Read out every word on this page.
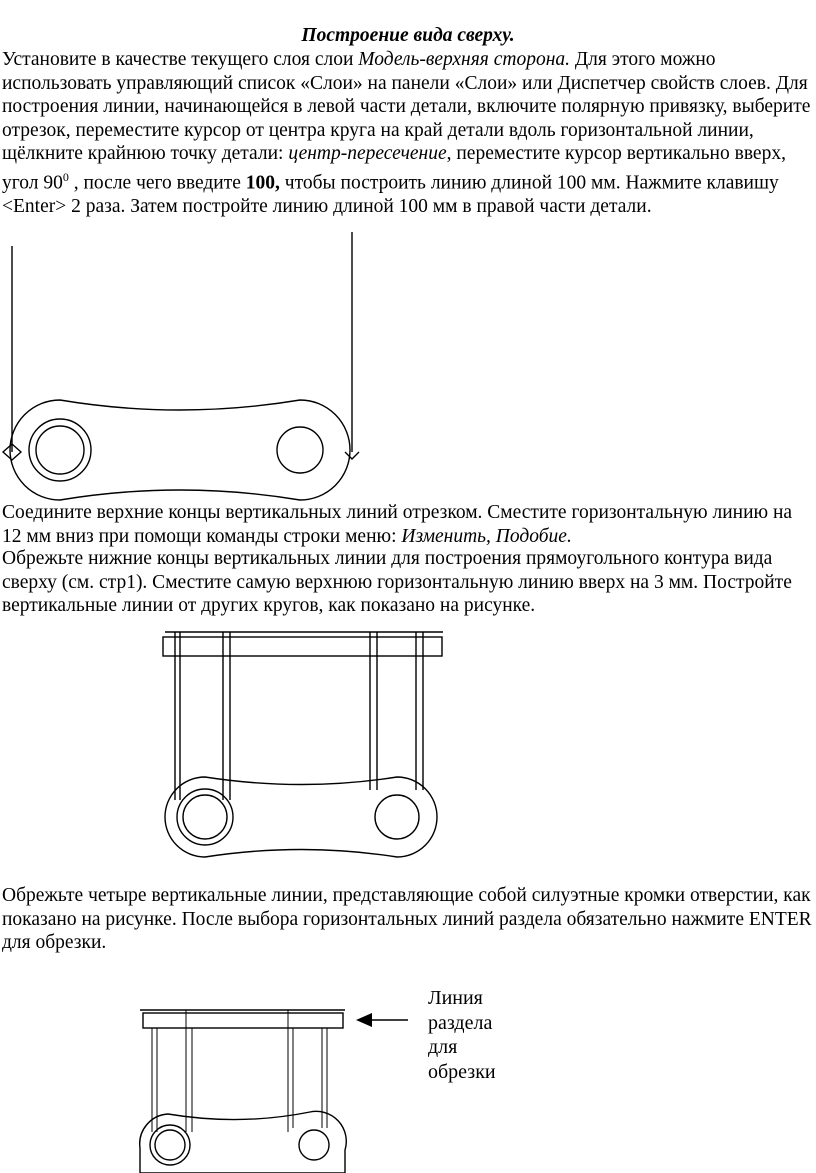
Построение вида сверху.

Установите в качестве текущего слоя слои Модель-верхняя сторона. Для этого можно использовать управляющий список «Слои» на панели «Слои» или Диспетчер свойств слоев. Для построения линии, начинающейся в левой части детали, включите полярную привязку, выберите отрезок, переместите курсор от центра круга на край детали вдоль горизонтальной линии, щёлкните крайнюю точку детали: центр-пересечение, переместите курсор вертикально вверх, угол $90^0$ , после чего введите 100, чтобы построить линию длиной 100 мм. Нажмите клавишу <Enter> 2 раза. Затем постройте линию длиной 100 мм в правой части детали.

Соедините верхние концы вертикальных линий отрезком. Сместите горизонтальную линию на 12 мм вниз при помощи команды строки меню: Изменить, Подобие.

Обрежьте нижние концы вертикальных линии для построения прямоугольного контура вида сверху (см. стр1). Сместите самую верхнюю горизонтальную линию вверх на 3 мм. Постройте вертикальные линии от других кругов, как показано на рисунке.

Обрежьте четыре вертикальные линии, представляющие собой силуэтные кромки отверстии, как показано на рисунке. После выбора горизонтальных линий раздела обязательно нажмите ENTER
для обрезки.

Линия
раздела
для
обрезки
